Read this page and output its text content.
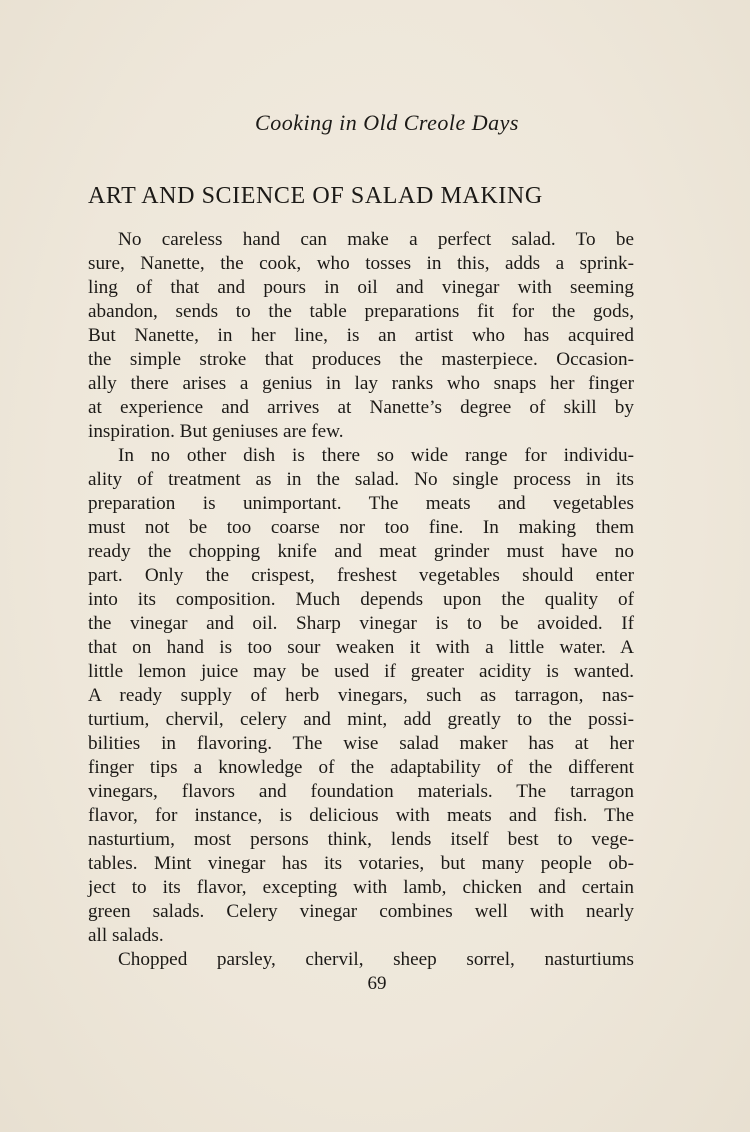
Cooking in Old Creole Days
ART AND SCIENCE OF SALAD MAKING
No careless hand can make a perfect salad. To be
sure, Nanette, the cook, who tosses in this, adds a sprink-
ling of that and pours in oil and vinegar with seeming
abandon, sends to the table preparations fit for the gods,
But Nanette, in her line, is an artist who has acquired
the simple stroke that produces the masterpiece. Occasion-
ally there arises a genius in lay ranks who snaps her finger
at experience and arrives at Nanette’s degree of skill by
inspiration. But geniuses are few.
In no other dish is there so wide range for individu-
ality of treatment as in the salad. No single process in its
preparation is unimportant. The meats and vegetables
must not be too coarse nor too fine. In making them
ready the chopping knife and meat grinder must have no
part. Only the crispest, freshest vegetables should enter
into its composition. Much depends upon the quality of
the vinegar and oil. Sharp vinegar is to be avoided. If
that on hand is too sour weaken it with a little water. A
little lemon juice may be used if greater acidity is wanted.
A ready supply of herb vinegars, such as tarragon, nas-
turtium, chervil, celery and mint, add greatly to the possi-
bilities in flavoring. The wise salad maker has at her
finger tips a knowledge of the adaptability of the different
vinegars, flavors and foundation materials. The tarragon
flavor, for instance, is delicious with meats and fish. The
nasturtium, most persons think, lends itself best to vege-
tables. Mint vinegar has its votaries, but many people ob-
ject to its flavor, excepting with lamb, chicken and certain
green salads. Celery vinegar combines well with nearly
all salads.
Chopped parsley, chervil, sheep sorrel, nasturtiums
69
